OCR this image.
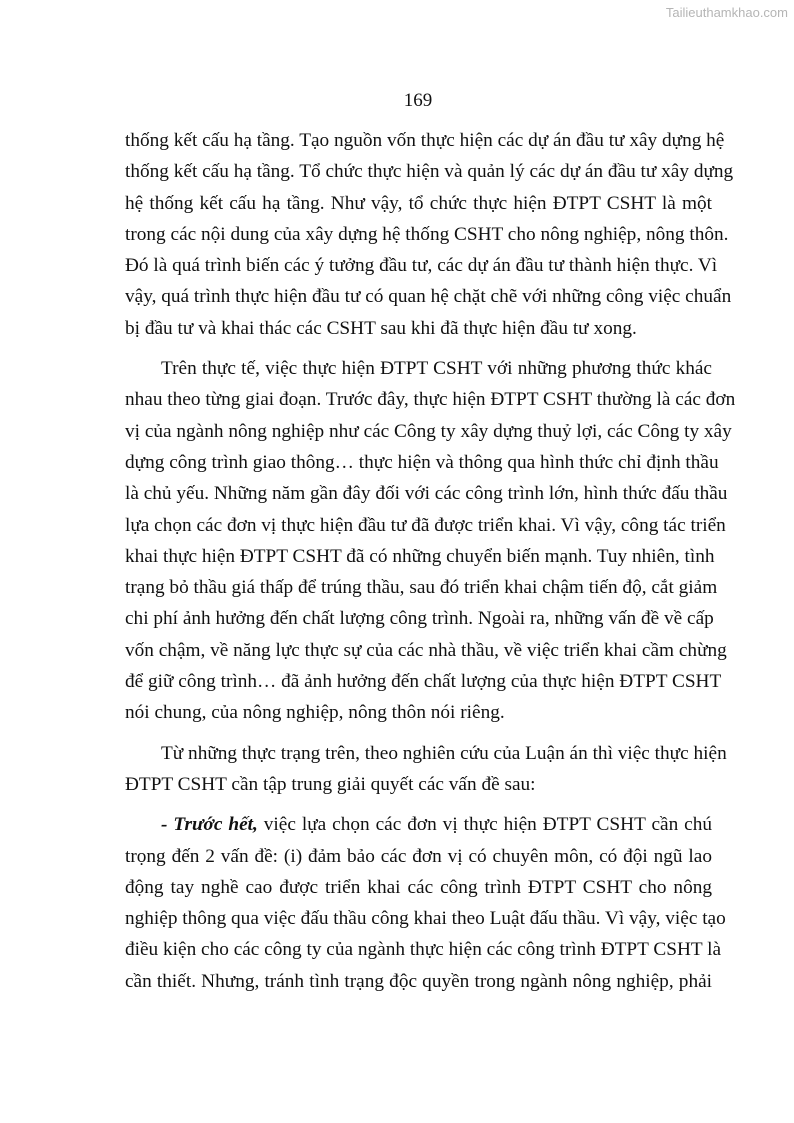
Tailieuthamkhao.com
169
thống kết cấu hạ tầng. Tạo nguồn vốn thực hiện các dự án đầu tư xây dựng hệ
thống kết cấu hạ tầng. Tổ chức thực hiện và quản lý các dự án đầu tư xây dựng
hệ thống kết cấu hạ tầng. Như vậy, tổ chức thực hiện ĐTPT CSHT là một
trong các nội dung của xây dựng hệ thống CSHT cho nông nghiệp, nông thôn.
Đó là quá trình biến các ý tưởng đầu tư, các dự án đầu tư thành hiện thực. Vì
vậy, quá trình thực hiện đầu tư có quan hệ chặt chẽ với những công việc chuẩn
bị đầu tư và khai thác các CSHT sau khi đã thực hiện đầu tư xong.
Trên thực tế, việc thực hiện ĐTPT CSHT với những phương thức khác
nhau theo từng giai đoạn. Trước đây, thực hiện ĐTPT CSHT thường là các đơn
vị của ngành nông nghiệp như các Công ty xây dựng thuỷ lợi, các Công ty xây
dựng công trình giao thông… thực hiện và thông qua hình thức chỉ định thầu
là chủ yếu. Những năm gần đây đối với các công trình lớn, hình thức đấu thầu
lựa chọn các đơn vị thực hiện đầu tư đã được triển khai. Vì vậy, công tác triển
khai thực hiện ĐTPT CSHT đã có những chuyển biến mạnh. Tuy nhiên, tình
trạng bỏ thầu giá thấp để trúng thầu, sau đó triển khai chậm tiến độ, cắt giảm
chi phí ảnh hưởng đến chất lượng công trình. Ngoài ra, những vấn đề về cấp
vốn chậm, về năng lực thực sự của các nhà thầu, về việc triển khai cầm chừng
để giữ công trình… đã ảnh hưởng đến chất lượng của thực hiện ĐTPT CSHT
nói chung, của nông nghiệp, nông thôn nói riêng.
Từ những thực trạng trên, theo nghiên cứu của Luận án thì việc thực hiện
ĐTPT CSHT cần tập trung giải quyết các vấn đề sau:
- Trước hết, việc lựa chọn các đơn vị thực hiện ĐTPT CSHT cần chú
trọng đến 2 vấn đề: (i) đảm bảo các đơn vị có chuyên môn, có đội ngũ lao
động tay nghề cao được triển khai các công trình ĐTPT CSHT cho nông
nghiệp thông qua việc đấu thầu công khai theo Luật đấu thầu. Vì vậy, việc tạo
điều kiện cho các công ty của ngành thực hiện các công trình ĐTPT CSHT là
cần thiết. Nhưng, tránh tình trạng độc quyền trong ngành nông nghiệp, phải
